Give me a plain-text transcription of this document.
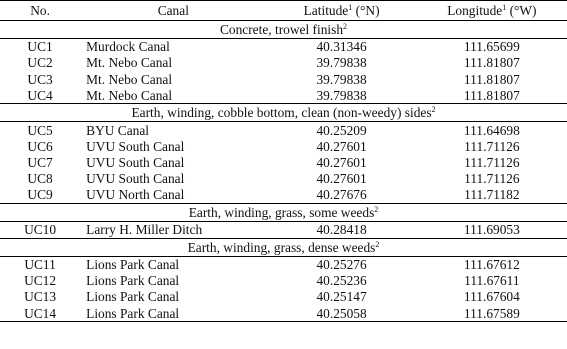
No.	Canal	Latitude$^1$ (°N)	Longitude$^1$ (°W)
Concrete, trowel finish$^2$
UC1	Murdock Canal	40.31346	111.65699
UC2	Mt. Nebo Canal	39.79838	111.81807
UC3	Mt. Nebo Canal	39.79838	111.81807
UC4	Mt. Nebo Canal	39.79838	111.81807
Earth, winding, cobble bottom, clean (non-weedy) sides$^2$
UC5	BYU Canal	40.25209	111.64698
UC6	UVU South Canal	40.27601	111.71126
UC7	UVU South Canal	40.27601	111.71126
UC8	UVU South Canal	40.27601	111.71126
UC9	UVU North Canal	40.27676	111.71182
Earth, winding, grass, some weeds$^2$
UC10	Larry H. Miller Ditch	40.28418	111.69053
Earth, winding, grass, dense weeds$^2$
UC11	Lions Park Canal	40.25276	111.67612
UC12	Lions Park Canal	40.25236	111.67611
UC13	Lions Park Canal	40.25147	111.67604
UC14	Lions Park Canal	40.25058	111.67589
